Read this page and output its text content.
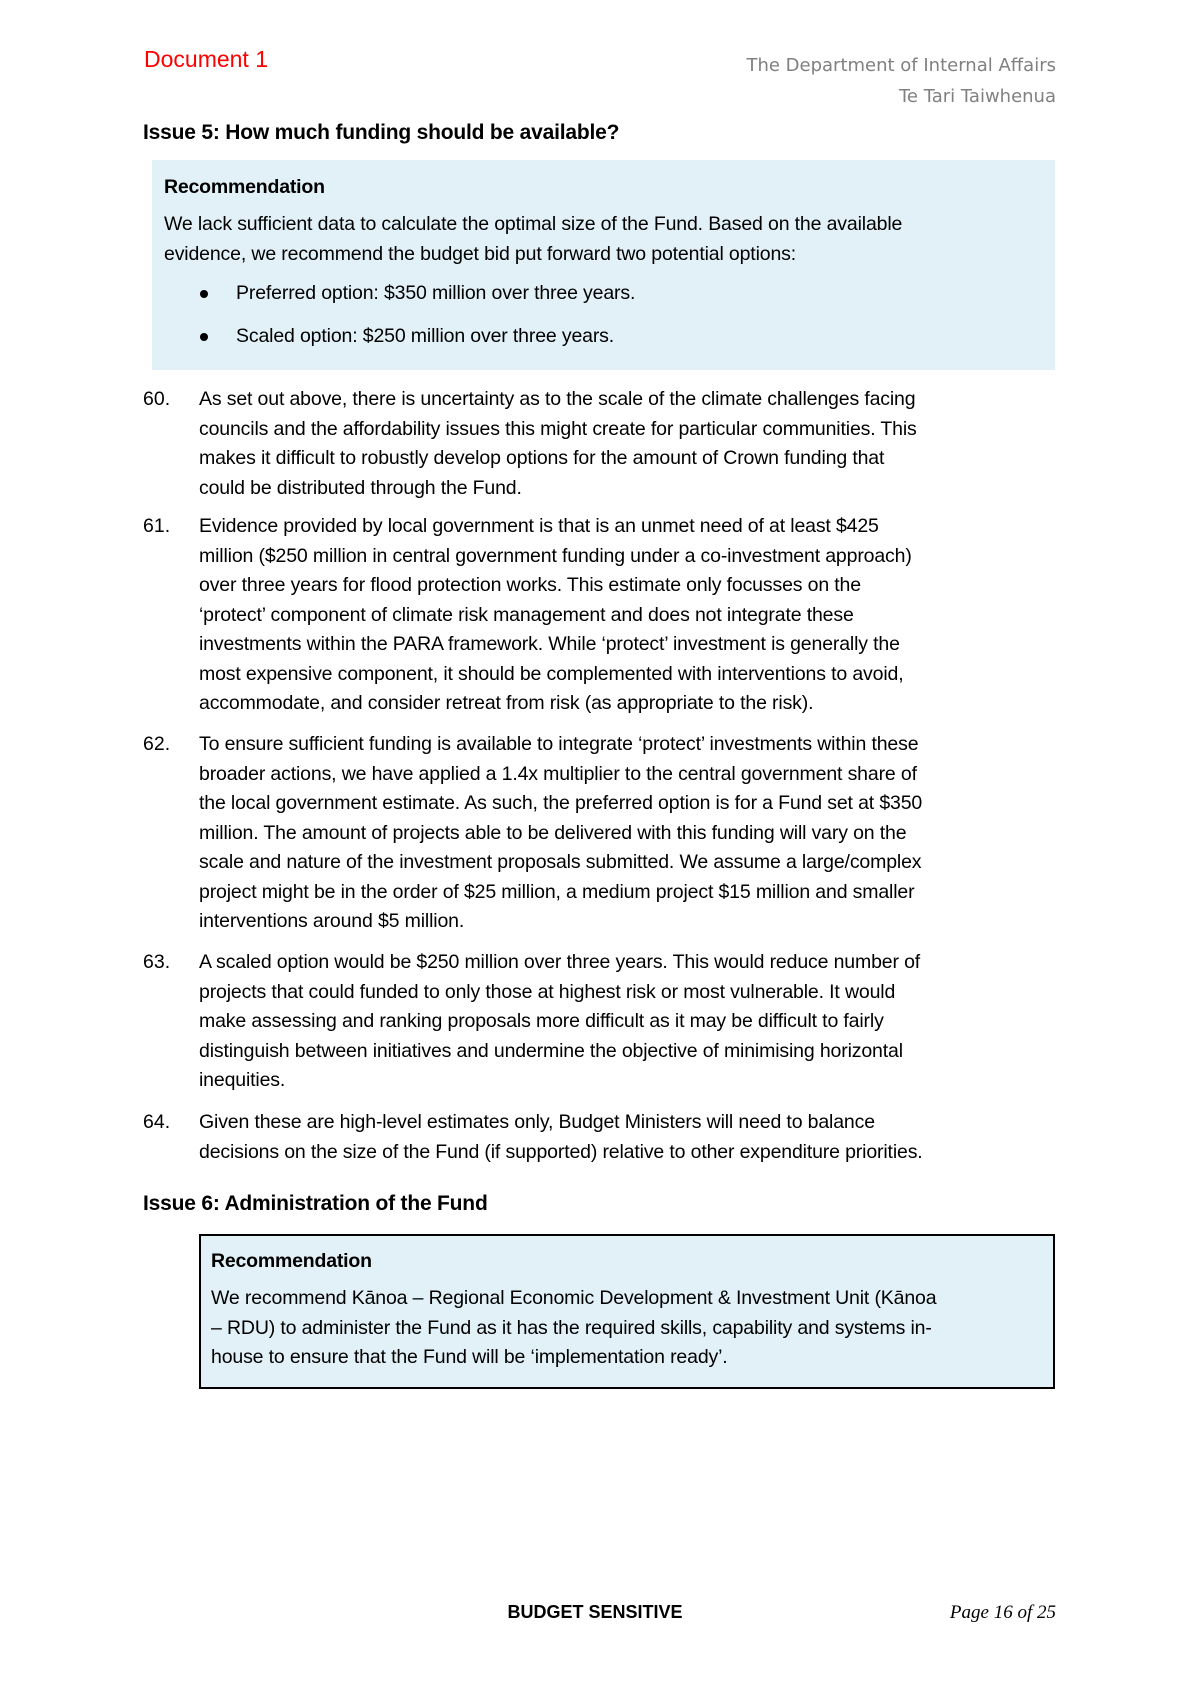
Document 1	The Department of Internal Affairs
Te Tari Taiwhenua
Issue 5: How much funding should be available?
Recommendation
We lack sufficient data to calculate the optimal size of the Fund. Based on the available
evidence, we recommend the budget bid put forward two potential options:
Preferred option: $350 million over three years.
Scaled option: $250 million over three years.
60. As set out above, there is uncertainty as to the scale of the climate challenges facing
councils and the affordability issues this might create for particular communities. This
makes it difficult to robustly develop options for the amount of Crown funding that
could be distributed through the Fund.
61. Evidence provided by local government is that is an unmet need of at least $425
million ($250 million in central government funding under a co-investment approach)
over three years for flood protection works. This estimate only focusses on the
‘protect’ component of climate risk management and does not integrate these
investments within the PARA framework. While ‘protect’ investment is generally the
most expensive component, it should be complemented with interventions to avoid,
accommodate, and consider retreat from risk (as appropriate to the risk).
62. To ensure sufficient funding is available to integrate ‘protect’ investments within these
broader actions, we have applied a 1.4x multiplier to the central government share of
the local government estimate. As such, the preferred option is for a Fund set at $350
million. The amount of projects able to be delivered with this funding will vary on the
scale and nature of the investment proposals submitted. We assume a large/complex
project might be in the order of $25 million, a medium project $15 million and smaller
interventions around $5 million.
63. A scaled option would be $250 million over three years. This would reduce number of
projects that could funded to only those at highest risk or most vulnerable. It would
make assessing and ranking proposals more difficult as it may be difficult to fairly
distinguish between initiatives and undermine the objective of minimising horizontal
inequities.
64. Given these are high-level estimates only, Budget Ministers will need to balance
decisions on the size of the Fund (if supported) relative to other expenditure priorities.
Issue 6: Administration of the Fund
Recommendation
We recommend Kānoa – Regional Economic Development & Investment Unit (Kānoa
– RDU) to administer the Fund as it has the required skills, capability and systems in-
house to ensure that the Fund will be ‘implementation ready’.
BUDGET SENSITIVE	Page 16 of 25
